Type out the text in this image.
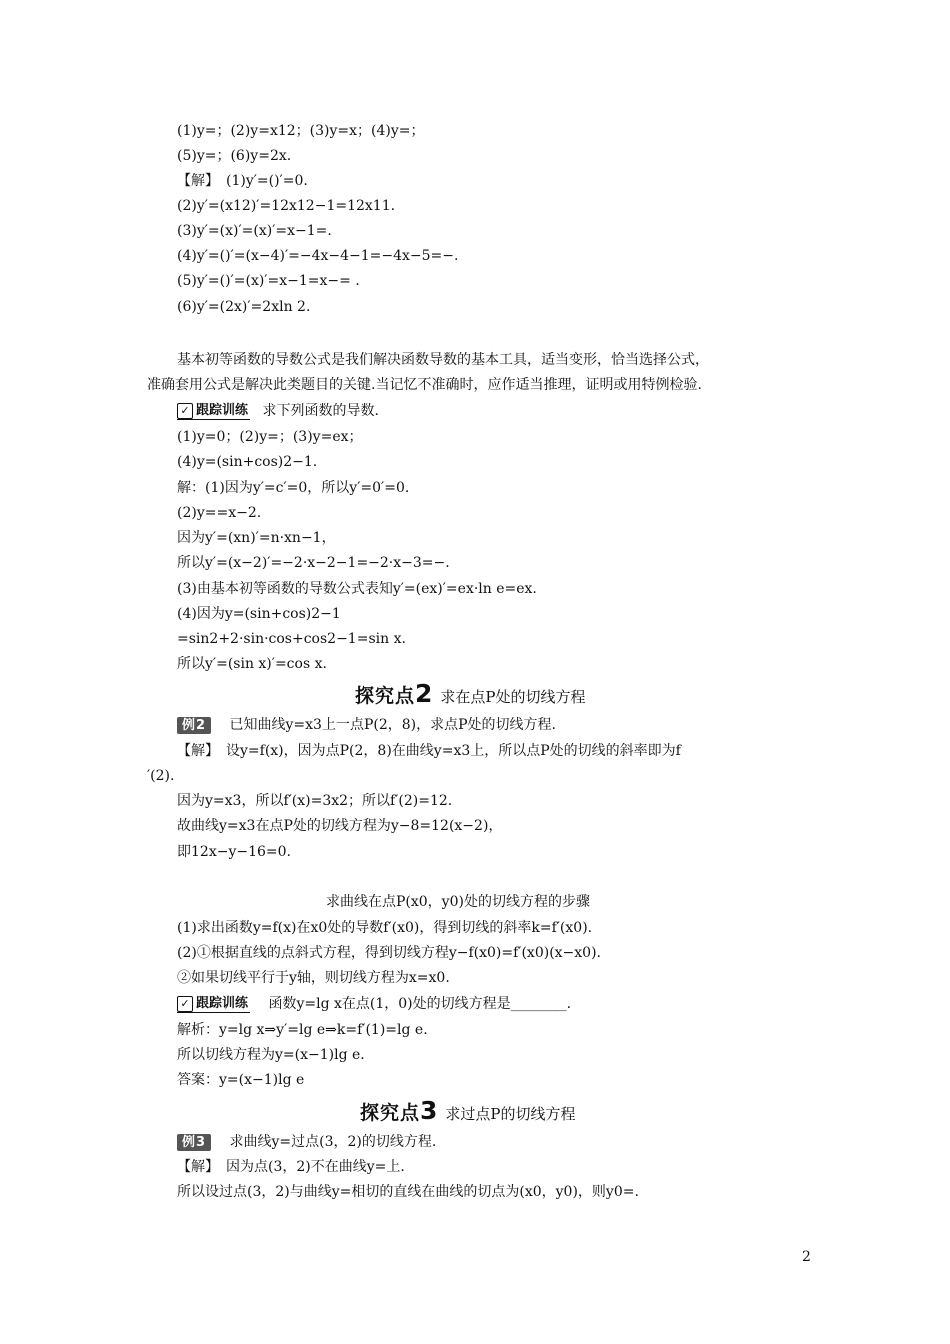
(1)y=；(2)y=x12；(3)y=x；(4)y=；
(5)y=；(6)y=2x.
【解】　(1)y′=()′=0.
(2)y′=(x12)′=12x12−1=12x11.
(3)y′=(x)′=(x)′=x−1=.
(4)y′=()′=(x−4)′=−4x−4−1=−4x−5=−.
(5)y′=()′=(x)′=x−1=x−= .
(6)y′=(2x)′=2xln 2.
基本初等函数的导数公式是我们解决函数导数的基本工具，适当变形，恰当选择公式，
准确套用公式是解决此类题目的关键.当记忆不准确时，应作适当推理，证明或用特例检验.
✓ 跟踪训练 求下列函数的导数.
(1)y=0；(2)y=；(3)y=ex；
(4)y=(sin+cos)2−1.
解：(1)因为y′=c′=0，所以y′=0′=0.
(2)y==x−2.
因为y′=(xn)′=n·xn−1，
所以y′=(x−2)′=−2·x−2−1=−2·x−3=−.
(3)由基本初等函数的导数公式表知y′=(ex)′=ex·ln e=ex.
(4)因为y=(sin+cos)2−1
=sin2+2·sin·cos+cos2−1=sin x.
所以y′=(sin x)′=cos x.
探究点2 求在点P处的切线方程
例2 已知曲线y=x3上一点P(2，8)，求点P处的切线方程.
【解】　设y=f(x)，因为点P(2，8)在曲线y=x3上，所以点P处的切线的斜率即为f
′(2).
因为y=x3，所以f′(x)=3x2；所以f′(2)=12.
故曲线y=x3在点P处的切线方程为y−8=12(x−2)，
即12x−y−16=0.
求曲线在点P(x0，y0)处的切线方程的步骤
(1)求出函数y=f(x)在x0处的导数f′(x0)，得到切线的斜率k=f′(x0).
(2)①根据直线的点斜式方程，得到切线方程y−f(x0)=f′(x0)(x−x0).
②如果切线平行于y轴，则切线方程为x=x0.
✓ 跟踪训练 函数y=lg x在点(1，0)处的切线方程是________.
解析：y=lg x⇒y′=lg e⇒k=f′(1)=lg e.
所以切线方程为y=(x−1)lg e.
答案：y=(x−1)lg e
探究点3 求过点P的切线方程
例3 求曲线y=过点(3，2)的切线方程.
【解】　因为点(3，2)不在曲线y=上.
所以设过点(3，2)与曲线y=相切的直线在曲线的切点为(x0，y0)，则y0=.
2
